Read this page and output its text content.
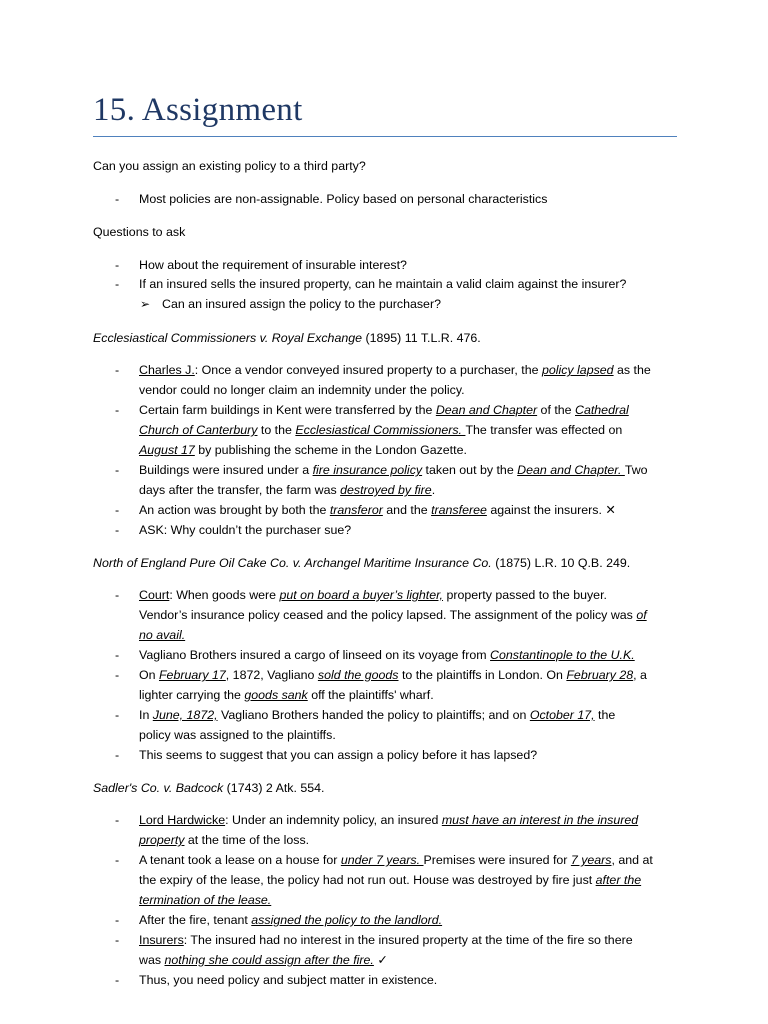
15. Assignment
Can you assign an existing policy to a third party?
- Most policies are non-assignable. Policy based on personal characteristics
Questions to ask
- How about the requirement of insurable interest?
- If an insured sells the insured property, can he maintain a valid claim against the insurer?
➢ Can an insured assign the policy to the purchaser?
Ecclesiastical Commissioners v. Royal Exchange (1895) 11 T.L.R. 476.
- Charles J.: Once a vendor conveyed insured property to a purchaser, the policy lapsed as the
vendor could no longer claim an indemnity under the policy.
- Certain farm buildings in Kent were transferred by the Dean and Chapter of the Cathedral
Church of Canterbury to the Ecclesiastical Commissioners. The transfer was effected on
August 17 by publishing the scheme in the London Gazette.
- Buildings were insured under a fire insurance policy taken out by the Dean and Chapter. Two
days after the transfer, the farm was destroyed by fire.
- An action was brought by both the transferor and the transferee against the insurers. ✕
- ASK: Why couldn’t the purchaser sue?
North of England Pure Oil Cake Co. v. Archangel Maritime Insurance Co. (1875) L.R. 10 Q.B. 249.
- Court: When goods were put on board a buyer’s lighter, property passed to the buyer.
Vendor’s insurance policy ceased and the policy lapsed. The assignment of the policy was of
no avail.
- Vagliano Brothers insured a cargo of linseed on its voyage from Constantinople to the U.K.
- On February 17, 1872, Vagliano sold the goods to the plaintiffs in London. On February 28, a
lighter carrying the goods sank off the plaintiffs' wharf.
- In June, 1872, Vagliano Brothers handed the policy to plaintiffs; and on October 17, the
policy was assigned to the plaintiffs.
- This seems to suggest that you can assign a policy before it has lapsed?
Sadler's Co. v. Badcock (1743) 2 Atk. 554.
- Lord Hardwicke: Under an indemnity policy, an insured must have an interest in the insured
property at the time of the loss.
- A tenant took a lease on a house for under 7 years. Premises were insured for 7 years, and at
the expiry of the lease, the policy had not run out. House was destroyed by fire just after the
termination of the lease.
- After the fire, tenant assigned the policy to the landlord.
- Insurers: The insured had no interest in the insured property at the time of the fire so there
was nothing she could assign after the fire. ✓
- Thus, you need policy and subject matter in existence.
